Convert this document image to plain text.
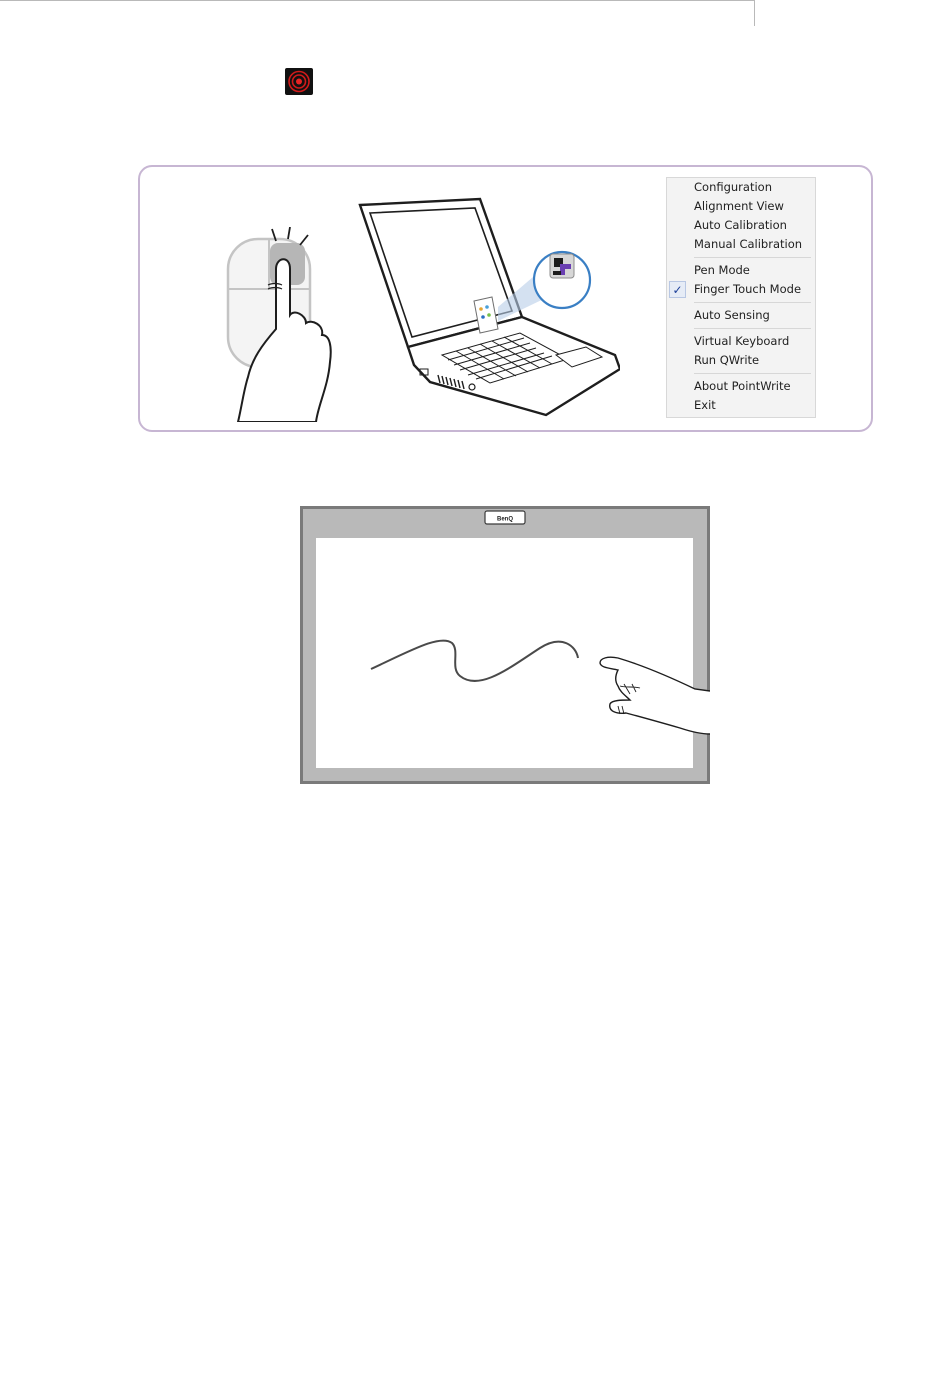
Configuration
Alignment View
Auto Calibration
Manual Calibration
Pen Mode
✓ Finger Touch Mode
Auto Sensing
Virtual Keyboard
Run QWrite
About PointWrite
Exit
BenQ
